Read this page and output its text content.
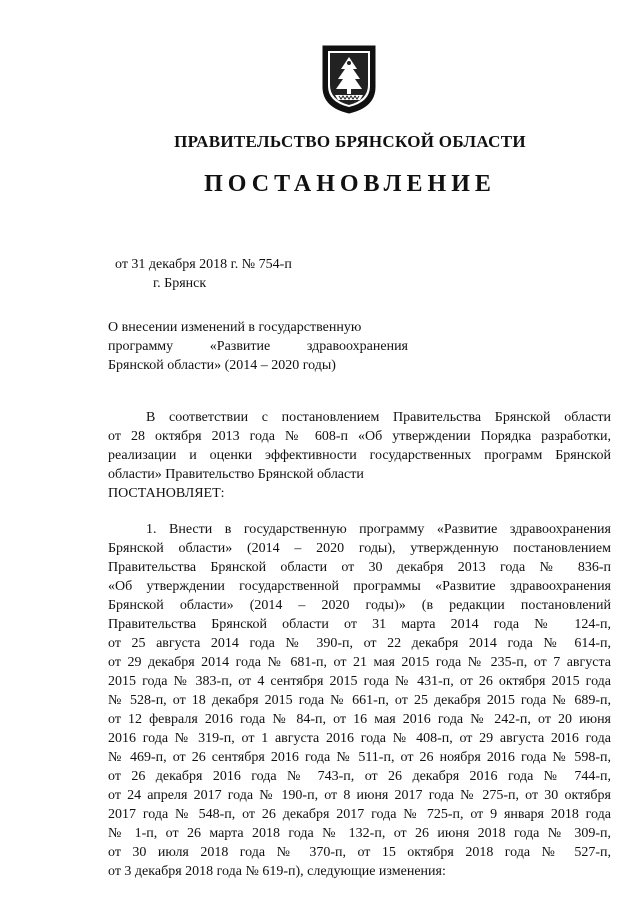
ПРАВИТЕЛЬСТВО БРЯНСКОЙ ОБЛАСТИ
ПОСТАНОВЛЕНИЕ
от 31 декабря 2018 г. № 754-п
г. Брянск
О внесении изменений в государственную
программу «Развитие здравоохранения
Брянской области» (2014 – 2020 годы)
В соответствии с постановлением Правительства Брянской области
от 28 октября 2013 года № 608-п «Об утверждении Порядка разработки,
реализации и оценки эффективности государственных программ Брянской
области» Правительство Брянской области
ПОСТАНОВЛЯЕТ:
1. Внести в государственную программу «Развитие здравоохранения
Брянской области» (2014 – 2020 годы), утвержденную постановлением
Правительства Брянской области от 30 декабря 2013 года № 836-п
«Об утверждении государственной программы «Развитие здравоохранения
Брянской области» (2014 – 2020 годы)» (в редакции постановлений
Правительства Брянской области от 31 марта 2014 года № 124-п,
от 25 августа 2014 года № 390-п, от 22 декабря 2014 года № 614-п,
от 29 декабря 2014 года № 681-п, от 21 мая 2015 года № 235-п, от 7 августа
2015 года № 383-п, от 4 сентября 2015 года № 431-п, от 26 октября 2015 года
№ 528-п, от 18 декабря 2015 года № 661-п, от 25 декабря 2015 года № 689-п,
от 12 февраля 2016 года № 84-п, от 16 мая 2016 года № 242-п, от 20 июня
2016 года № 319-п, от 1 августа 2016 года № 408-п, от 29 августа 2016 года
№ 469-п, от 26 сентября 2016 года № 511-п, от 26 ноября 2016 года № 598-п,
от 26 декабря 2016 года № 743-п, от 26 декабря 2016 года № 744-п,
от 24 апреля 2017 года № 190-п, от 8 июня 2017 года № 275-п, от 30 октября
2017 года № 548-п, от 26 декабря 2017 года № 725-п, от 9 января 2018 года
№ 1-п, от 26 марта 2018 года № 132-п, от 26 июня 2018 года № 309-п,
от 30 июля 2018 года № 370-п, от 15 октября 2018 года № 527-п,
от 3 декабря 2018 года № 619-п), следующие изменения:
